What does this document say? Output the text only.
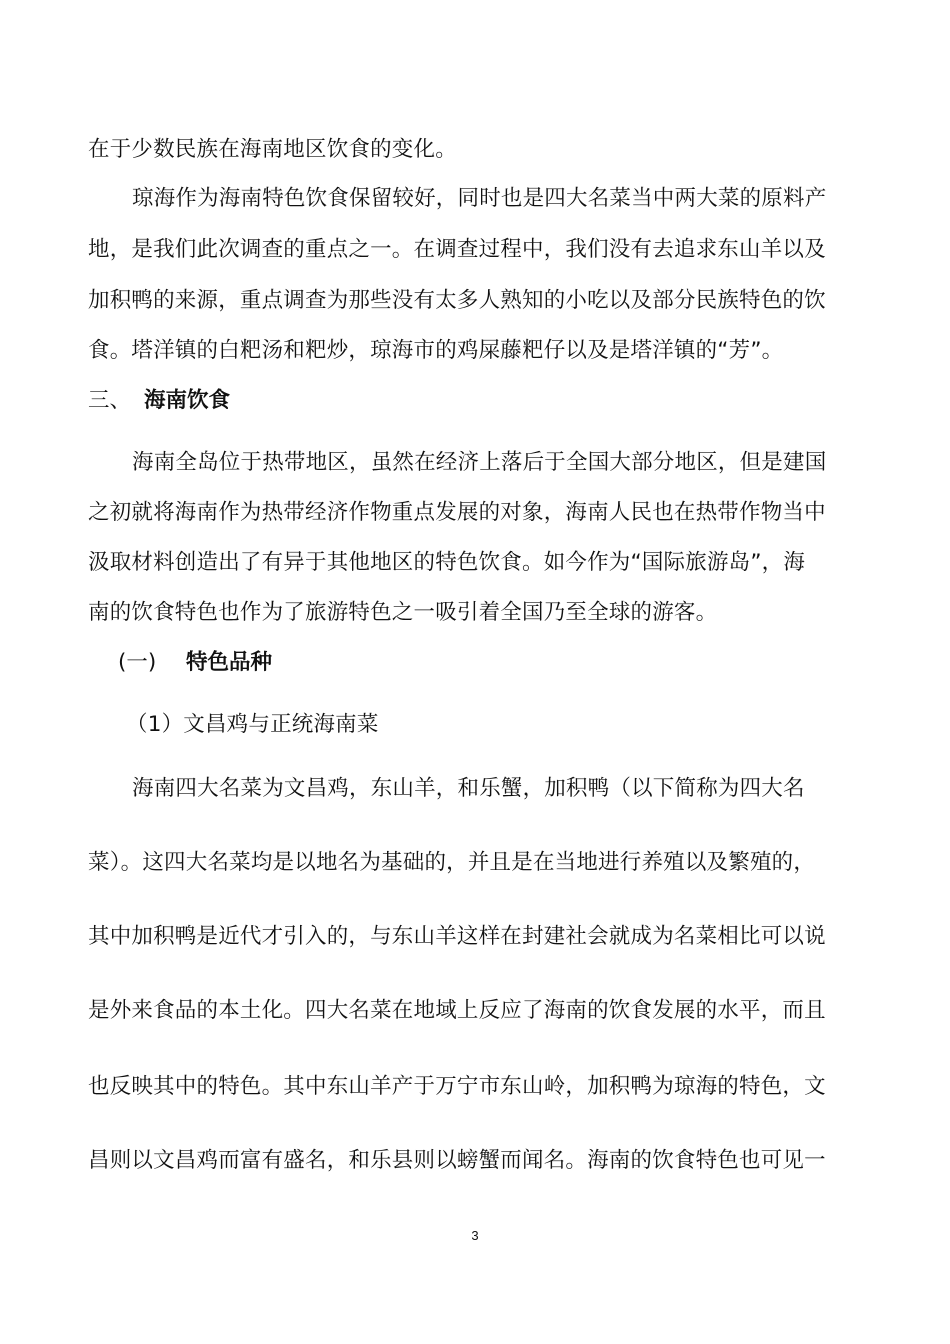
在于少数民族在海南地区饮食的变化。
琼海作为海南特色饮食保留较好，同时也是四大名菜当中两大菜的原料产
地，是我们此次调查的重点之一。在调查过程中，我们没有去追求东山羊以及
加积鸭的来源，重点调查为那些没有太多人熟知的小吃以及部分民族特色的饮
食。塔洋镇的白粑汤和粑炒，琼海市的鸡屎藤粑仔以及是塔洋镇的“芳”。
三、 海南饮食
海南全岛位于热带地区，虽然在经济上落后于全国大部分地区，但是建国
之初就将海南作为热带经济作物重点发展的对象，海南人民也在热带作物当中
汲取材料创造出了有异于其他地区的特色饮食。如今作为“国际旅游岛”，海
南的饮食特色也作为了旅游特色之一吸引着全国乃至全球的游客。
(一) 特色品种
（1）文昌鸡与正统海南菜
海南四大名菜为文昌鸡，东山羊，和乐蟹，加积鸭（以下简称为四大名
菜）。这四大名菜均是以地名为基础的，并且是在当地进行养殖以及繁殖的，
其中加积鸭是近代才引入的，与东山羊这样在封建社会就成为名菜相比可以说
是外来食品的本土化。四大名菜在地域上反应了海南的饮食发展的水平，而且
也反映其中的特色。其中东山羊产于万宁市东山岭，加积鸭为琼海的特色，文
昌则以文昌鸡而富有盛名，和乐县则以螃蟹而闻名。海南的饮食特色也可见一
3
